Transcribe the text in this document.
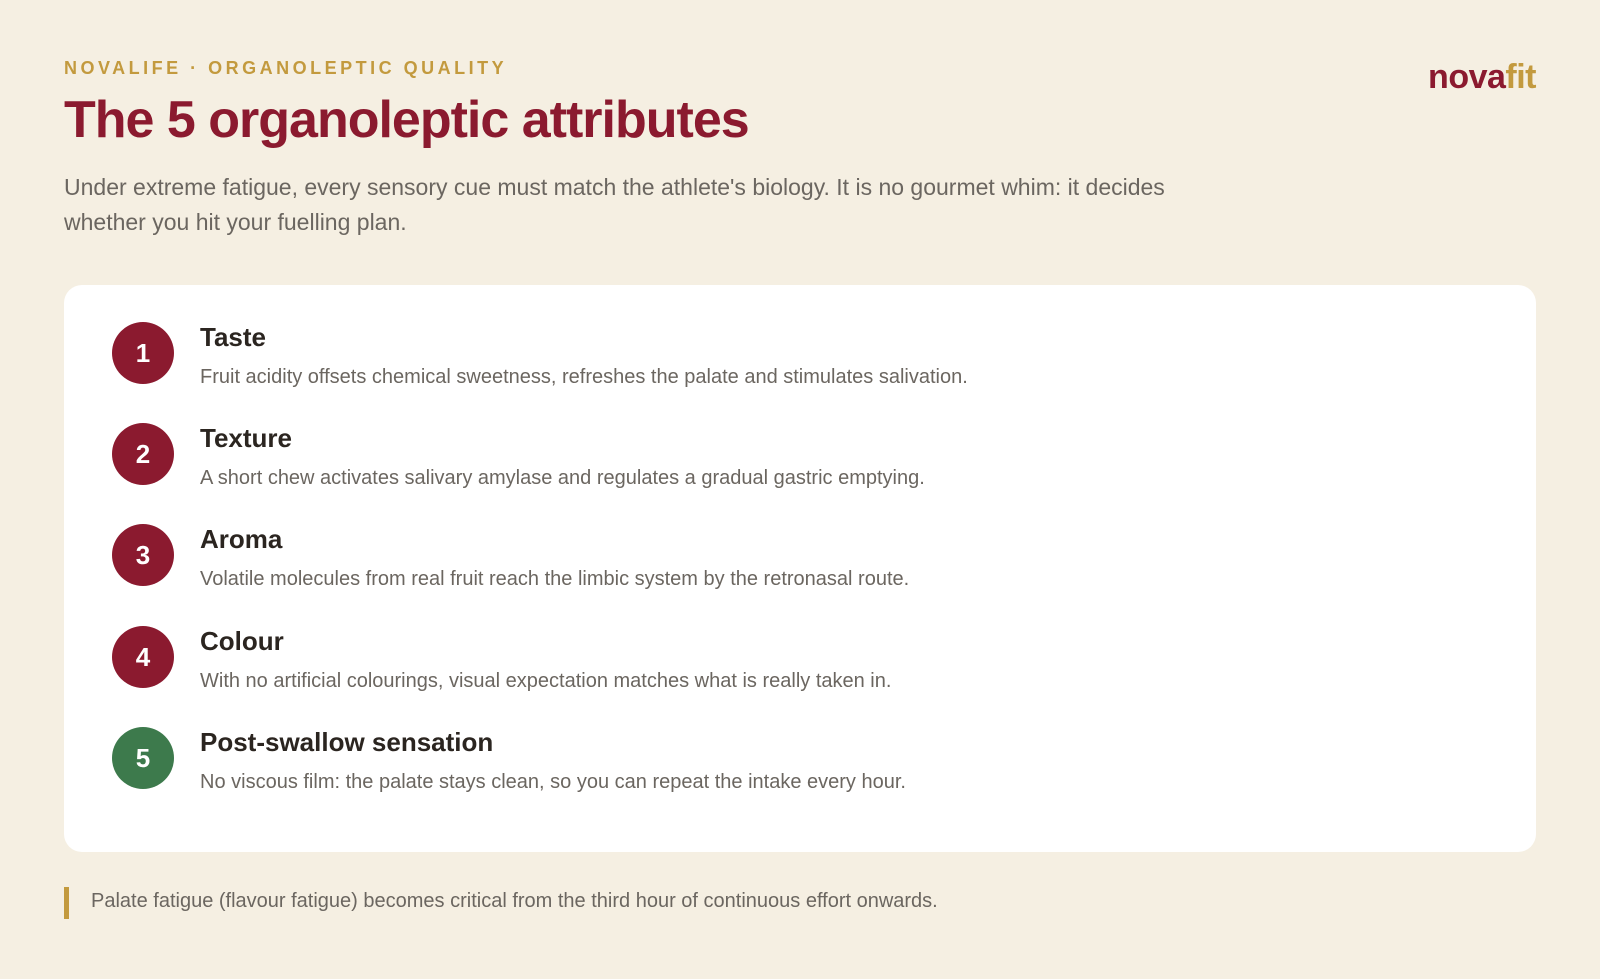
NOVALIFE · ORGANOLEPTIC QUALITY	novafit
The 5 organoleptic attributes

Under extreme fatigue, every sensory cue must match the athlete's biology. It is no gourmet whim: it decides whether you hit your fuelling plan.

1
Taste
Fruit acidity offsets chemical sweetness, refreshes the palate and stimulates salivation.
2
Texture
A short chew activates salivary amylase and regulates a gradual gastric emptying.
3
Aroma
Volatile molecules from real fruit reach the limbic system by the retronasal route.
4
Colour
With no artificial colourings, visual expectation matches what is really taken in.
5
Post-swallow sensation
No viscous film: the palate stays clean, so you can repeat the intake every hour.
Palate fatigue (flavour fatigue) becomes critical from the third hour of continuous effort onwards.
